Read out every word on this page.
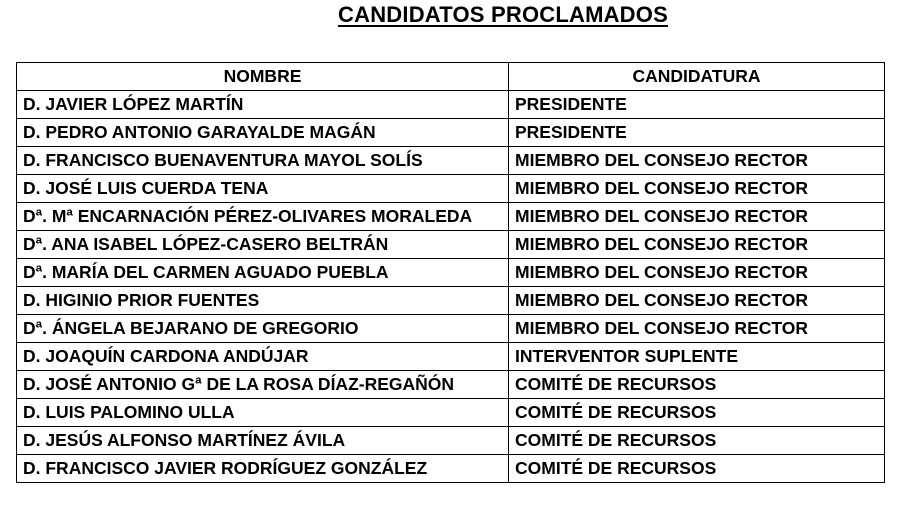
CANDIDATOS PROCLAMADOS
NOMBRE	CANDIDATURA
D. JAVIER LÓPEZ MARTÍN	PRESIDENTE
D. PEDRO ANTONIO GARAYALDE MAGÁN	PRESIDENTE
D. FRANCISCO BUENAVENTURA MAYOL SOLÍS	MIEMBRO DEL CONSEJO RECTOR
D. JOSÉ LUIS CUERDA TENA	MIEMBRO DEL CONSEJO RECTOR
Dª. Mª ENCARNACIÓN PÉREZ-OLIVARES MORALEDA	MIEMBRO DEL CONSEJO RECTOR
Dª. ANA ISABEL LÓPEZ-CASERO BELTRÁN	MIEMBRO DEL CONSEJO RECTOR
Dª. MARÍA DEL CARMEN AGUADO PUEBLA	MIEMBRO DEL CONSEJO RECTOR
D. HIGINIO PRIOR FUENTES	MIEMBRO DEL CONSEJO RECTOR
Dª. ÁNGELA BEJARANO DE GREGORIO	MIEMBRO DEL CONSEJO RECTOR
D. JOAQUÍN CARDONA ANDÚJAR	INTERVENTOR SUPLENTE
D. JOSÉ ANTONIO Gª DE LA ROSA DÍAZ-REGAÑÓN	COMITÉ DE RECURSOS
D. LUIS PALOMINO ULLA	COMITÉ DE RECURSOS
D. JESÚS ALFONSO MARTÍNEZ ÁVILA	COMITÉ DE RECURSOS
D. FRANCISCO JAVIER RODRÍGUEZ GONZÁLEZ	COMITÉ DE RECURSOS
